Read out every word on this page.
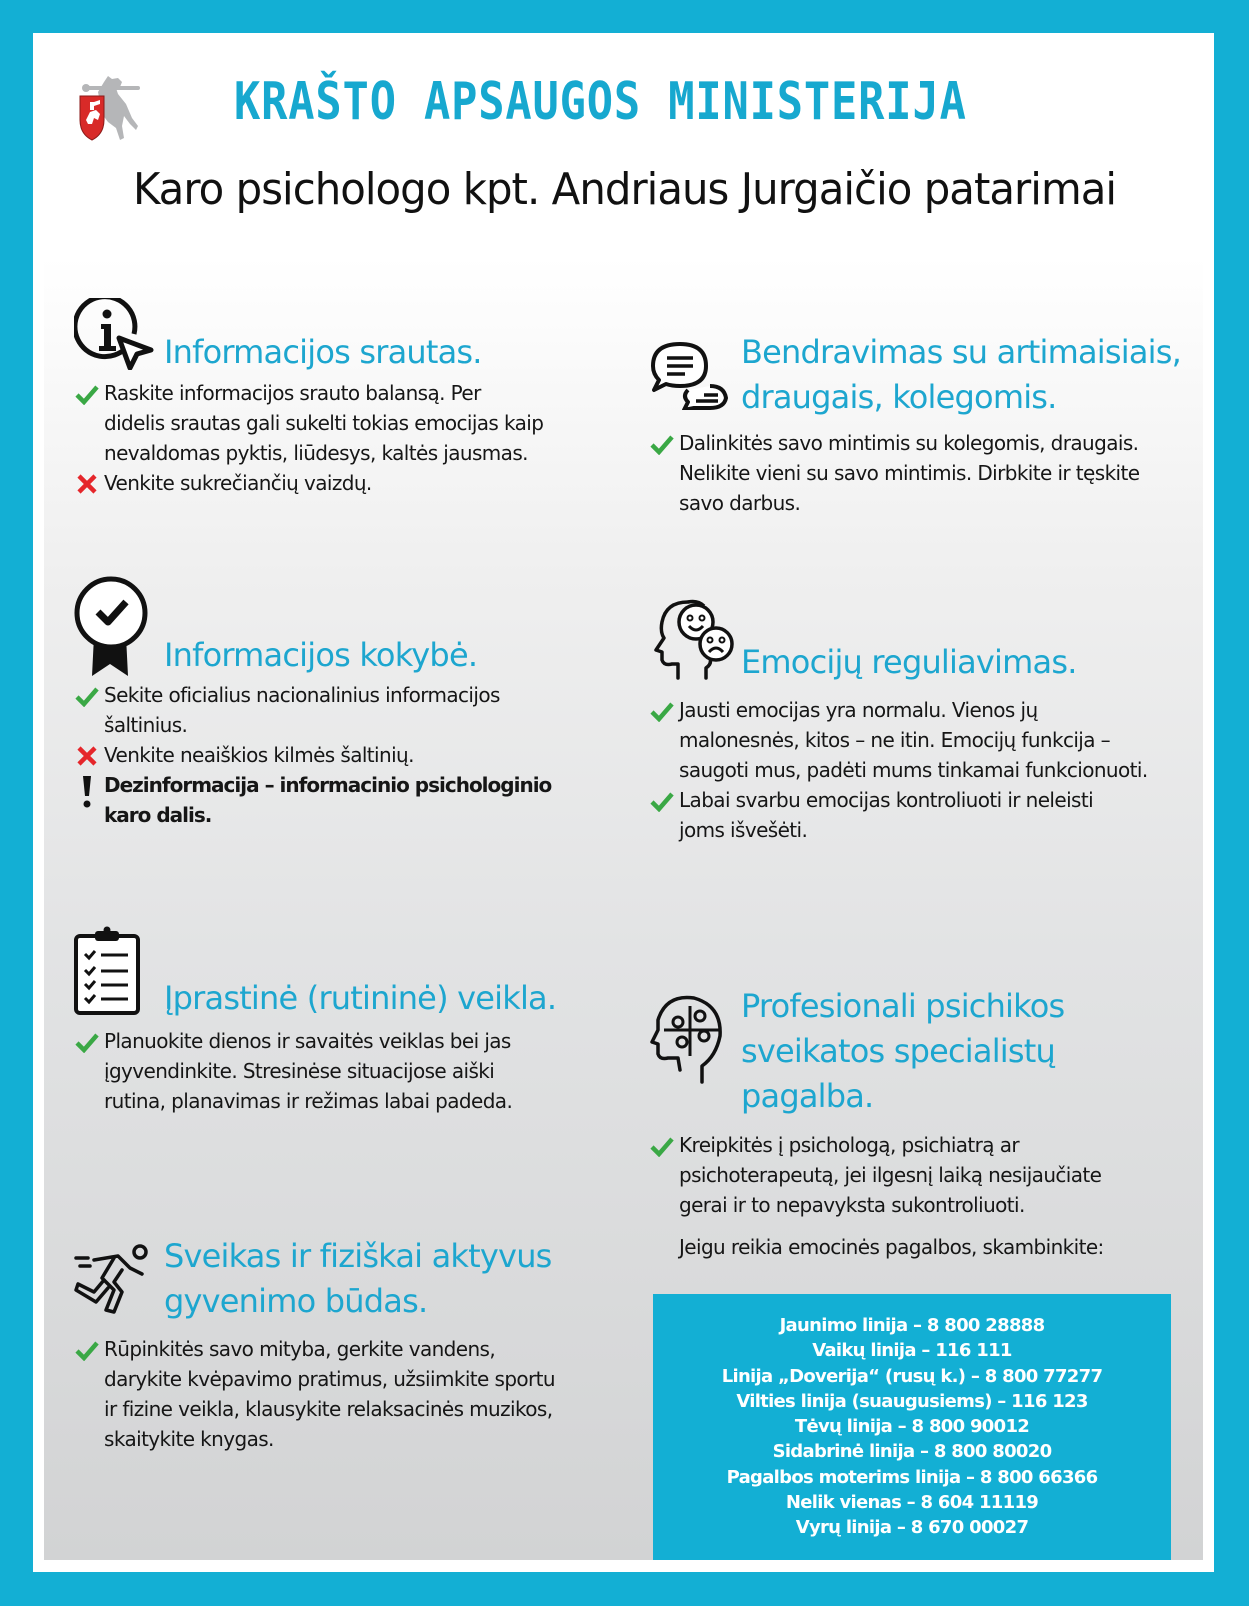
KRAŠTO APSAUGOS MINISTERIJA
Karo psichologo kpt. Andriaus Jurgaičio patarimai
Informacijos srautas.
Raskite informacijos srauto balansą. Per
didelis srautas gali sukelti tokias emocijas kaip
nevaldomas pyktis, liūdesys, kaltės jausmas.
Venkite sukrečiančių vaizdų.
Bendravimas su artimaisiais,
draugais, kolegomis.
Dalinkitės savo mintimis su kolegomis, draugais.
Nelikite vieni su savo mintimis. Dirbkite ir tęskite
savo darbus.
Informacijos kokybė.
Sekite oficialius nacionalinius informacijos
šaltinius.
Venkite neaiškios kilmės šaltinių.
Dezinformacija – informacinio psichologinio
karo dalis.
Emocijų reguliavimas.
Jausti emocijas yra normalu. Vienos jų
malonesnės, kitos – ne itin. Emocijų funkcija –
saugoti mus, padėti mums tinkamai funkcionuoti.
Labai svarbu emocijas kontroliuoti ir neleisti
joms išvešėti.
Įprastinė (rutininė) veikla.
Planuokite dienos ir savaitės veiklas bei jas
įgyvendinkite. Stresinėse situacijose aiški
rutina, planavimas ir režimas labai padeda.
Profesionali psichikos
sveikatos specialistų
pagalba.
Kreipkitės į psichologą, psichiatrą ar
psichoterapeutą, jei ilgesnį laiką nesijaučiate
gerai ir to nepavyksta sukontroliuoti.
Jeigu reikia emocinės pagalbos, skambinkite:
Sveikas ir fiziškai aktyvus
gyvenimo būdas.
Rūpinkitės savo mityba, gerkite vandens,
darykite kvėpavimo pratimus, užsiimkite sportu
ir fizine veikla, klausykite relaksacinės muzikos,
skaitykite knygas.
Jaunimo linija – 8 800 28888
Vaikų linija – 116 111
Linija „Doverija“ (rusų k.) – 8 800 77277
Vilties linija (suaugusiems) – 116 123
Tėvų linija – 8 800 90012
Sidabrinė linija – 8 800 80020
Pagalbos moterims linija – 8 800 66366
Nelik vienas – 8 604 11119
Vyrų linija – 8 670 00027
